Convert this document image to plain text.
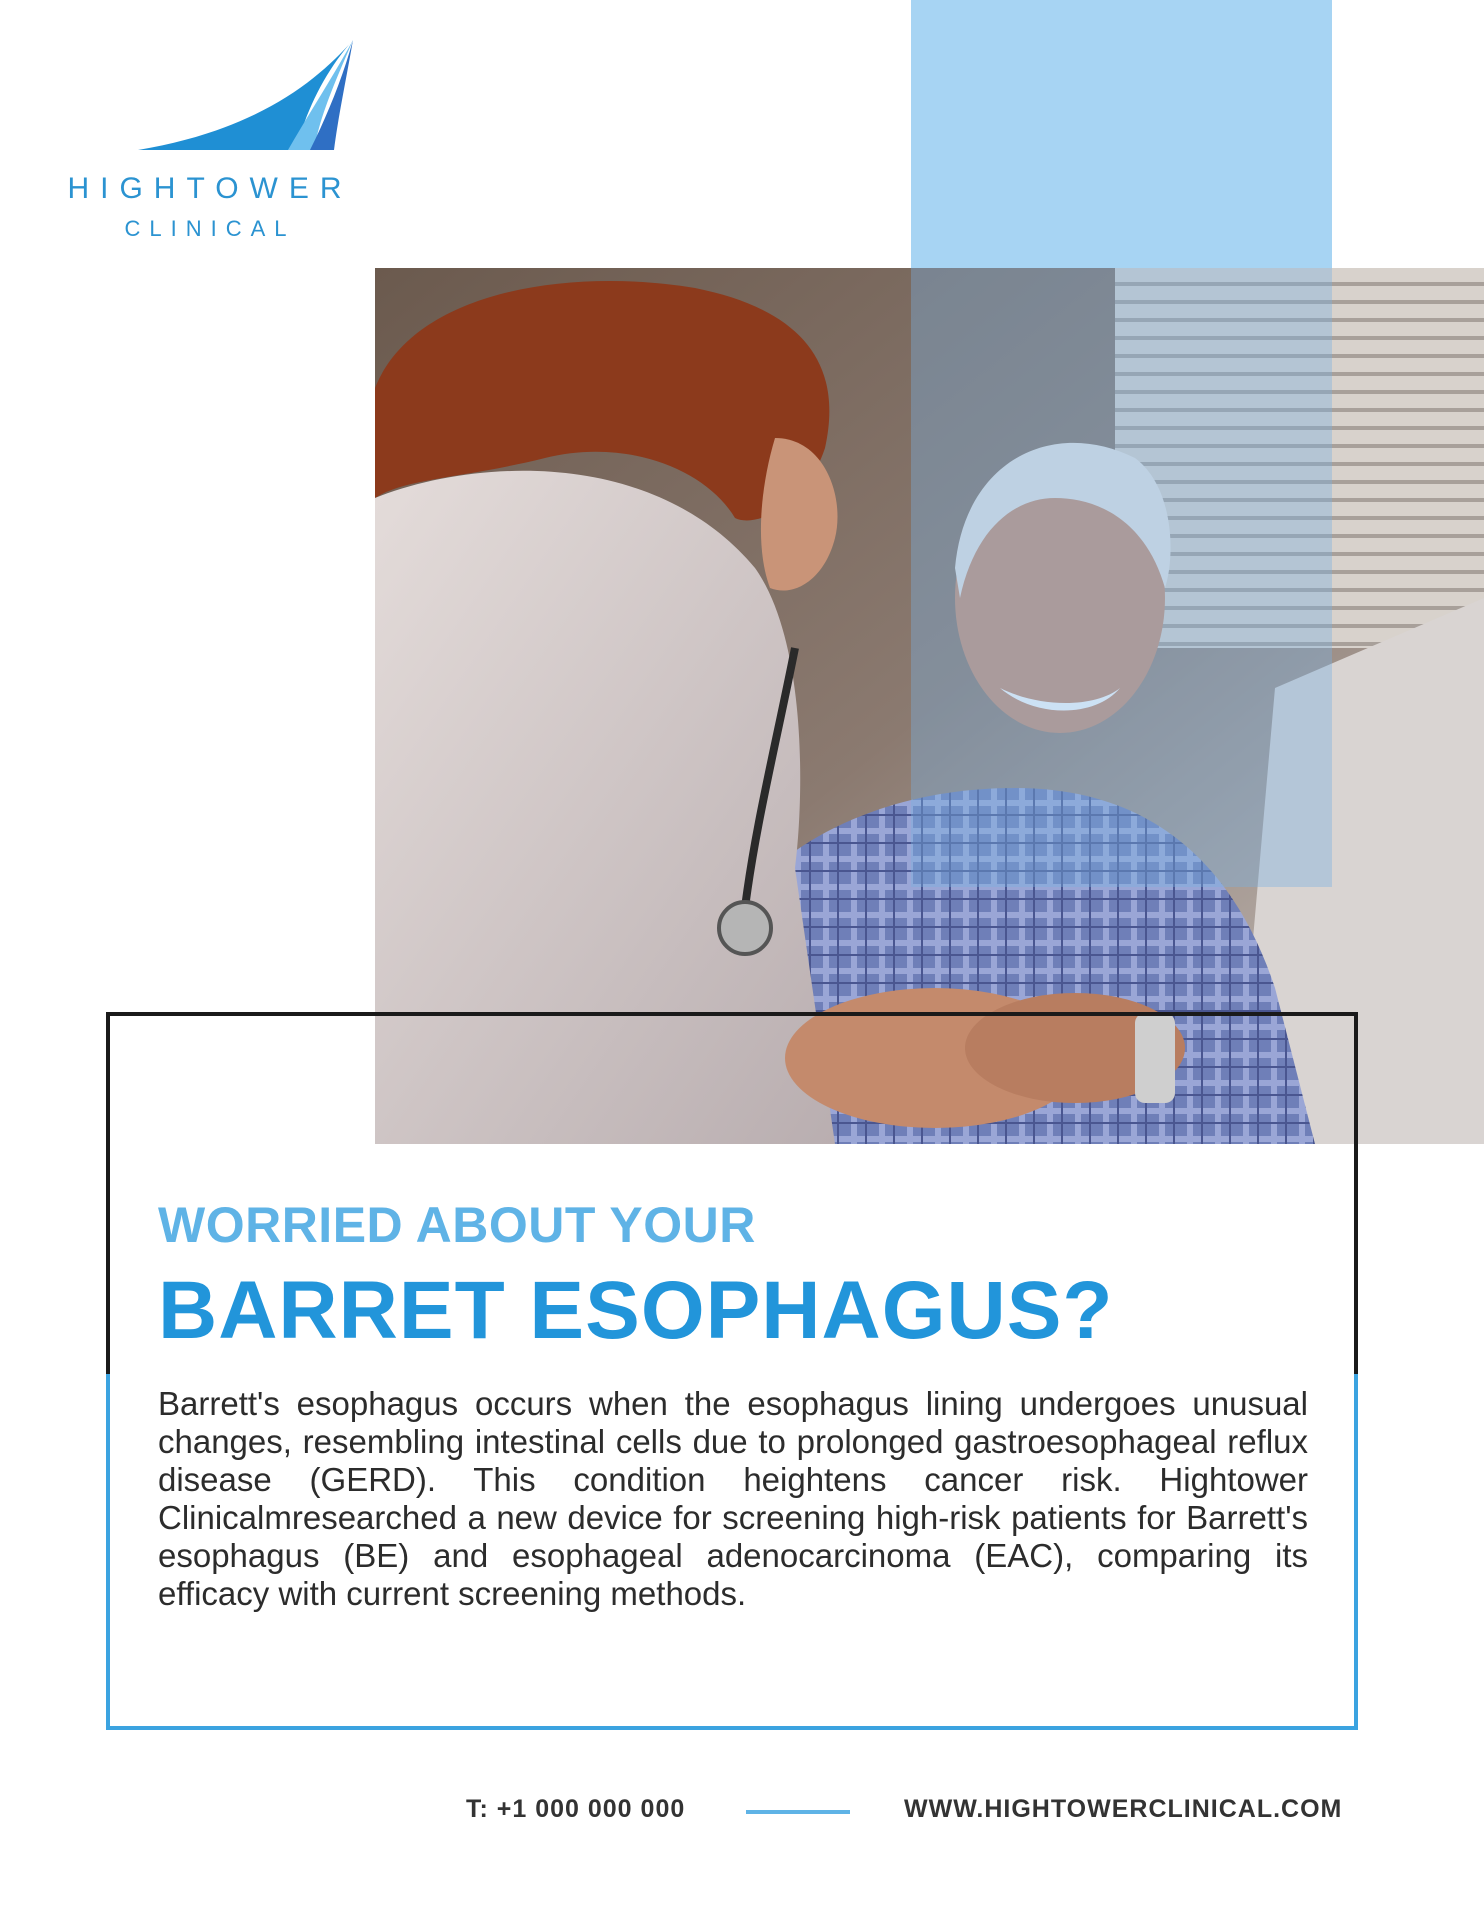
HIGHTOWER

CLINICAL

WORRIED ABOUT YOUR
BARRET ESOPHAGUS?

Barrett's esophagus occurs when the esophagus lining undergoes unusual changes, resembling intestinal cells due to prolonged gastroesophageal reflux disease (GERD). This condition heightens cancer risk. Hightower Clinicalmresearched a new device for screening high-risk patients for Barrett's esophagus (BE) and esophageal adenocarcinoma (EAC), comparing its efficacy with current screening methods.

T: +1 000 000 000	WWW.HIGHTOWERCLINICAL.COM
